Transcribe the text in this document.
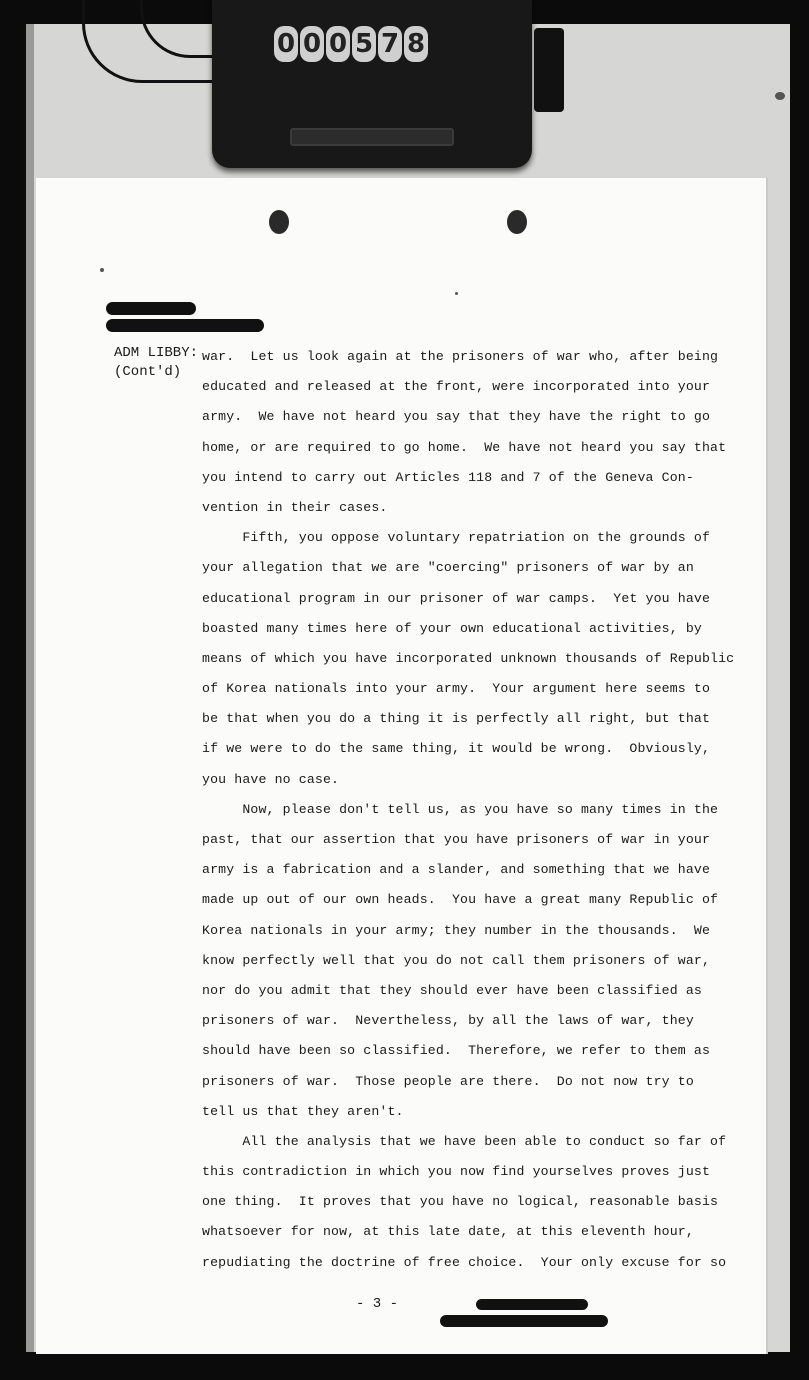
0 0 0 5 7 8
ADM LIBBY:
(Cont'd)
war.  Let us look again at the prisoners of war who, after being
educated and released at the front, were incorporated into your
army.  We have not heard you say that they have the right to go
home, or are required to go home.  We have not heard you say that
you intend to carry out Articles 118 and 7 of the Geneva Con-
vention in their cases.
Fifth, you oppose voluntary repatriation on the grounds of
your allegation that we are "coercing" prisoners of war by an
educational program in our prisoner of war camps.  Yet you have
boasted many times here of your own educational activities, by
means of which you have incorporated unknown thousands of Republic
of Korea nationals into your army.  Your argument here seems to
be that when you do a thing it is perfectly all right, but that
if we were to do the same thing, it would be wrong.  Obviously,
you have no case.
Now, please don't tell us, as you have so many times in the
past, that our assertion that you have prisoners of war in your
army is a fabrication and a slander, and something that we have
made up out of our own heads.  You have a great many Republic of
Korea nationals in your army; they number in the thousands.  We
know perfectly well that you do not call them prisoners of war,
nor do you admit that they should ever have been classified as
prisoners of war.  Nevertheless, by all the laws of war, they
should have been so classified.  Therefore, we refer to them as
prisoners of war.  Those people are there.  Do not now try to
tell us that they aren't.
All the analysis that we have been able to conduct so far of
this contradiction in which you now find yourselves proves just
one thing.  It proves that you have no logical, reasonable basis
whatsoever for now, at this late date, at this eleventh hour,
repudiating the doctrine of free choice.  Your only excuse for so
- 3 -
